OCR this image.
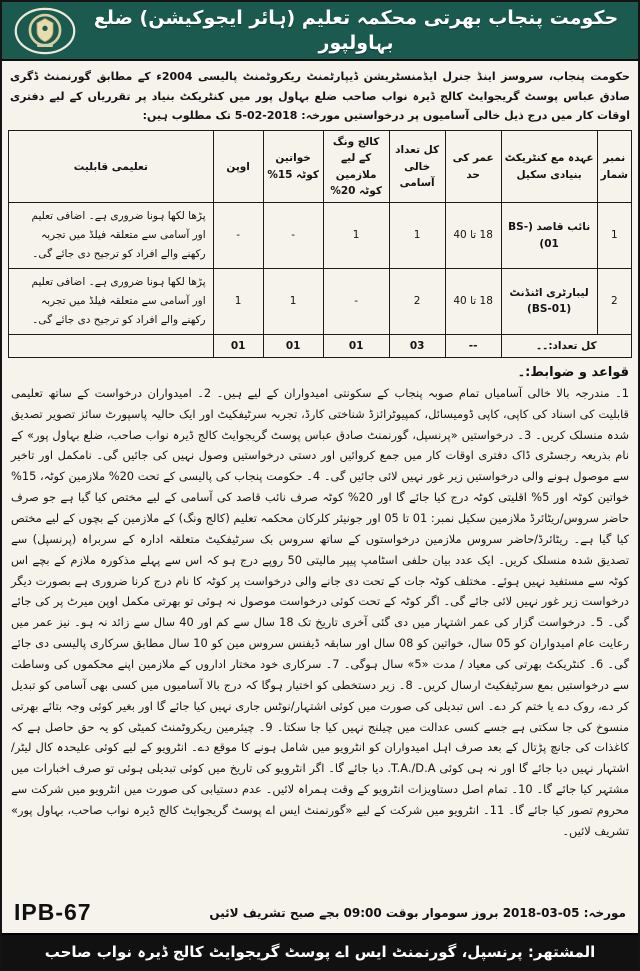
حکومت پنجاب بھرتی محکمہ تعلیم (ہائر ایجوکیشن) ضلع بہاولپور

حکومت پنجاب، سروسز اینڈ جنرل ایڈمنسٹریشن ڈیپارٹمنٹ ریکروٹمنٹ پالیسی 2004ء کے مطابق گورنمنٹ ڈگری صادق عباس پوسٹ گریجوایٹ کالج ڈیرہ نواب صاحب ضلع بہاول پور میں کنٹریکٹ بنیاد پر تقرریاں کے لیے دفتری اوقات کار میں درج ذیل خالی آسامیوں پر درخواستیں مورخہ: 2018-02-5 تک مطلوب ہیں:

نمبر شمار	عہدہ مع کنٹریکٹ بنیادی سکیل	عمر کی حد	کل تعداد خالی آسامی	کالج ونگ کے لیے ملازمین کوٹہ 20%	خواتین کوٹہ 15%	اوپن	تعلیمی قابلیت
1	نائب قاصد (BS-01)	18 تا 40	1	1	-	-	پڑھا لکھا ہونا ضروری ہے۔ اضافی تعلیم اور آسامی سے متعلقہ فیلڈ میں تجربہ رکھنے والے افراد کو ترجیح دی جائے گی۔
2	لیبارٹری اٹنڈنٹ (BS-01)	18 تا 40	2	-	1	1	پڑھا لکھا ہونا ضروری ہے۔ اضافی تعلیم اور آسامی سے متعلقہ فیلڈ میں تجربہ رکھنے والے افراد کو ترجیح دی جائے گی۔
کل تعداد:۔۔		--	03	01	01	01	
قواعد و ضوابط:۔

1۔ مندرجہ بالا خالی آسامیاں تمام صوبہ پنجاب کے سکونتی امیدواران کے لیے ہیں۔ 2۔ امیدواران درخواست کے ساتھ تعلیمی قابلیت کی اسناد کی کاپی، کاپی ڈومیسائل، کمپیوٹرائزڈ شناختی کارڈ، تجربہ سرٹیفکیٹ اور ایک حالیہ پاسپورٹ سائز تصویر تصدیق شدہ منسلک کریں۔ 3۔ درخواستیں «پرنسپل، گورنمنٹ صادق عباس پوسٹ گریجوایٹ کالج ڈیرہ نواب صاحب، ضلع بہاول پور» کے نام بذریعہ رجسٹری ڈاک دفتری اوقات کار میں جمع کروائیں اور دستی درخواستیں وصول نہیں کی جائیں گی۔ نامکمل اور تاخیر سے موصول ہونے والی درخواستیں زیر غور نہیں لائی جائیں گی۔ 4۔ حکومت پنجاب کی پالیسی کے تحت 20% ملازمین کوٹہ، 15% خواتین کوٹہ اور 5% اقلیتی کوٹہ درج کیا جائے گا اور 20% کوٹہ صرف نائب قاصد کی آسامی کے لیے مختص کیا گیا ہے جو صرف حاضر سروس/ریٹائرڈ ملازمین سکیل نمبر: 01 تا 05 اور جونیئر کلرکان محکمہ تعلیم (کالج ونگ) کے ملازمین کے بچوں کے لیے مختص کیا گیا ہے۔ ریٹائرڈ/حاضر سروس ملازمین درخواستوں کے ساتھ سروس بک سرٹیفکیٹ متعلقہ ادارہ کے سربراہ (پرنسپل) سے تصدیق شدہ منسلک کریں۔ ایک عدد بیان حلفی اسٹامپ پیپر مالیتی 50 روپے درج ہو کہ اس سے پہلے مذکورہ ملازم کے بچے اس کوٹہ سے مستفید نہیں ہوئے۔ مختلف کوٹہ جات کے تحت دی جانے والی درخواست پر کوٹہ کا نام درج کرنا ضروری ہے بصورت دیگر درخواست زیر غور نہیں لائی جائے گی۔ اگر کوٹہ کے تحت کوئی درخواست موصول نہ ہوئی تو بھرتی مکمل اوپن میرٹ پر کی جائے گی۔ 5۔ درخواست گزار کی عمر اشتہار میں دی گئی آخری تاریخ تک 18 سال سے کم اور 40 سال سے زائد نہ ہو۔ نیز عمر میں رعایت عام امیدواران کو 05 سال، خواتین کو 08 سال اور سابقہ ڈیفنس سروس مین کو 10 سال مطابق سرکاری پالیسی دی جائے گی۔ 6۔ کنٹریکٹ بھرتی کی معیاد / مدت «5» سال ہوگی۔ 7۔ سرکاری خود مختار اداروں کے ملازمین اپنے محکموں کی وساطت سے درخواستیں بمع سرٹیفکیٹ ارسال کریں۔ 8۔ زیر دستخطی کو اختیار ہوگا کہ درج بالا آسامیوں میں کسی بھی آسامی کو تبدیل کر دے، روک دے یا ختم کر دے۔ اس تبدیلی کی صورت میں کوئی اشتہار/نوٹس جاری نہیں کیا جائے گا اور بغیر کوئی وجہ بتائے بھرتی منسوخ کی جا سکتی ہے جسے کسی عدالت میں چیلنج نہیں کیا جا سکتا۔ 9۔ چیئرمین ریکروٹمنٹ کمیٹی کو یہ حق حاصل ہے کہ کاغذات کی جانچ پڑتال کے بعد صرف اہل امیدواران کو انٹرویو میں شامل ہونے کا موقع دے۔ انٹرویو کے لیے کوئی علیحدہ کال لیٹر/اشتہار نہیں دیا جائے گا اور نہ ہی کوئی T.A./D.A. دیا جائے گا۔ اگر انٹرویو کی تاریخ میں کوئی تبدیلی ہوئی تو صرف اخبارات میں مشتہر کیا جائے گا۔ 10۔ تمام اصل دستاویزات انٹرویو کے وقت ہمراہ لائیں۔ عدم دستیابی کی صورت میں انٹرویو میں شرکت سے محروم تصور کیا جائے گا۔ 11۔ انٹرویو میں شرکت کے لیے «گورنمنٹ ایس اے پوسٹ گریجوایٹ کالج ڈیرہ نواب صاحب، بہاول پور» تشریف لائیں۔

IPB-67	مورخہ: 05-03-2018 بروز سوموار بوقت 09:00 بجے صبح تشریف لائیں
المشتھر: پرنسپل، گورنمنٹ ایس اے پوسٹ گریجوایٹ کالج ڈیرہ نواب صاحب
